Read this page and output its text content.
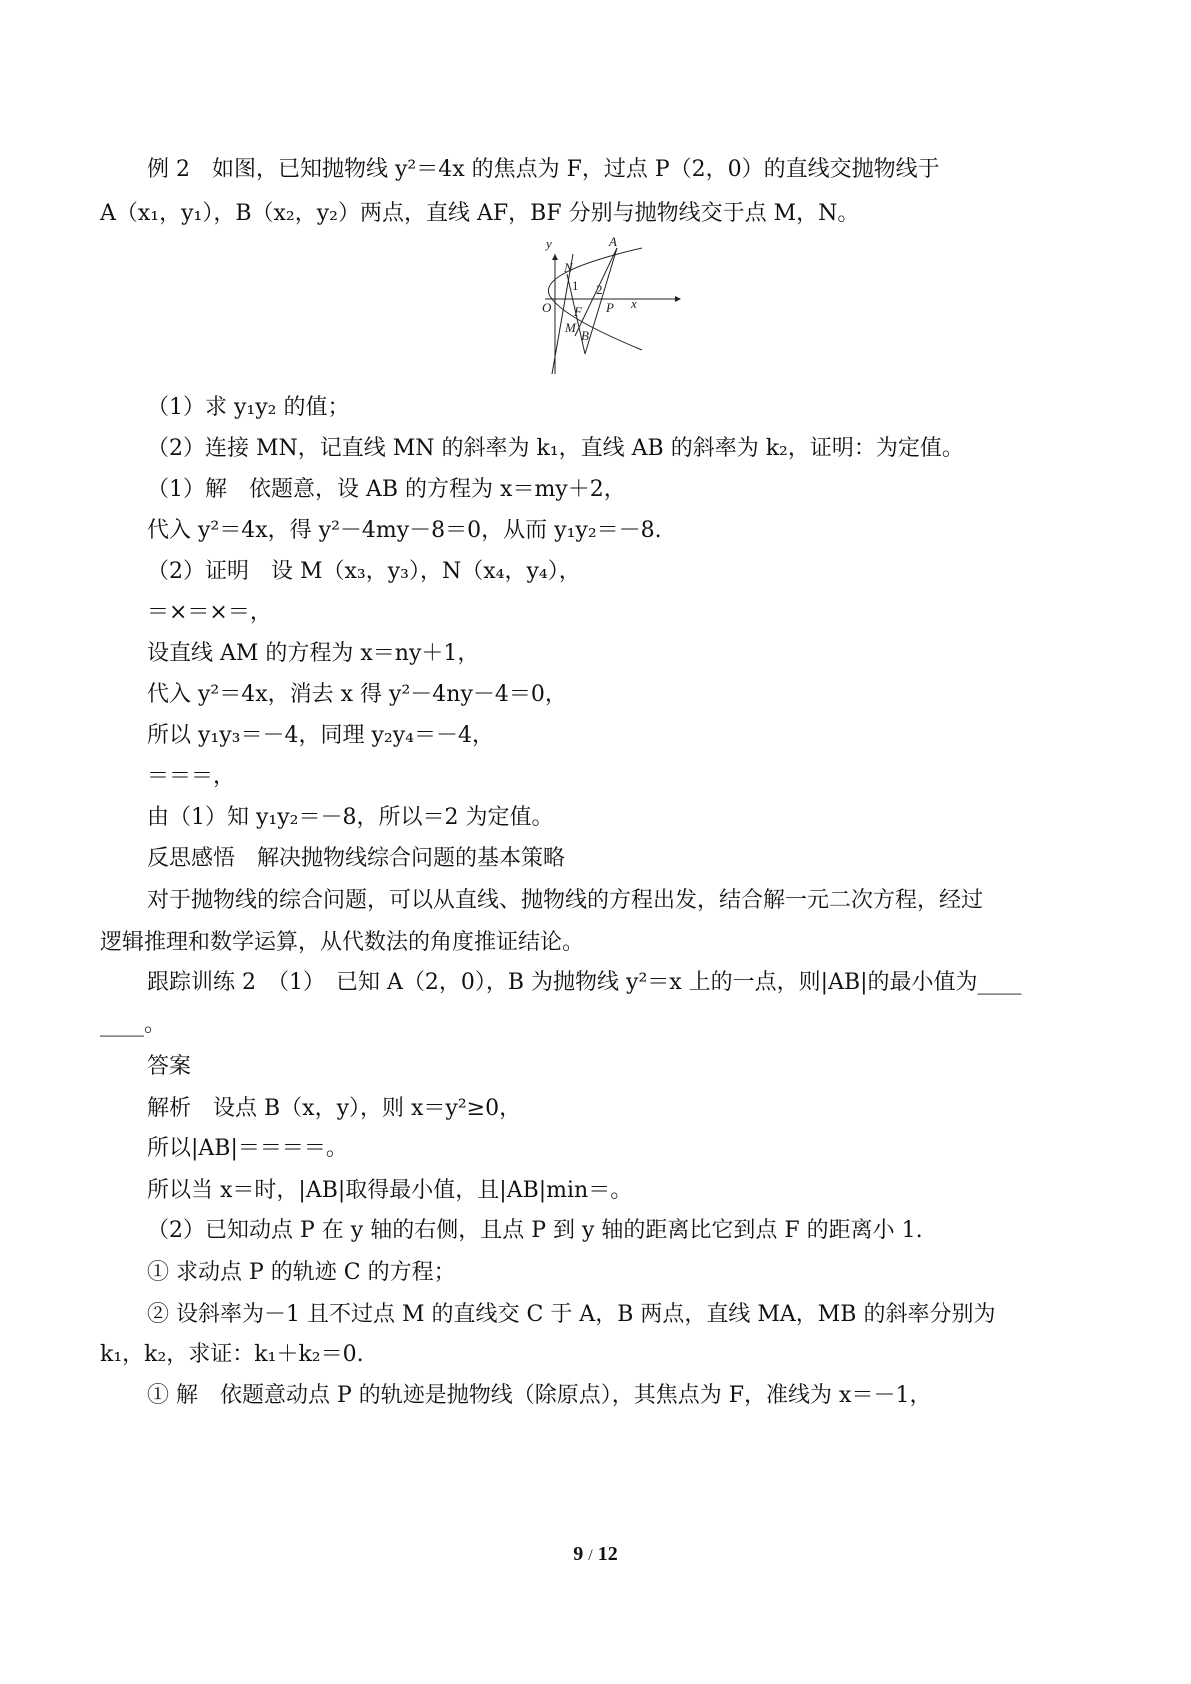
例 2　如图，已知抛物线 y²＝4x 的焦点为 F，过点 P（2，0）的直线交抛物线于
A（x₁，y₁），B（x₂，y₂）两点，直线 AF，BF 分别与抛物线交于点 M，N。
y	A
N
1 2
O F P x
M
B
（1）求 y₁y₂ 的值；
（2）连接 MN，记直线 MN 的斜率为 k₁，直线 AB 的斜率为 k₂，证明：为定值。
（1）解　依题意，设 AB 的方程为 x＝my＋2，
代入 y²＝4x，得 y²－4my－8＝0，从而 y₁y₂＝－8.
（2）证明　设 M（x₃，y₃），N（x₄，y₄），
＝×＝×＝，
设直线 AM 的方程为 x＝ny＋1，
代入 y²＝4x，消去 x 得 y²－4ny－4＝0，
所以 y₁y₃＝－4，同理 y₂y₄＝－4，
＝＝＝，
由（1）知 y₁y₂＝－8，所以＝2 为定值。
反思感悟　解决抛物线综合问题的基本策略
对于抛物线的综合问题，可以从直线、抛物线的方程出发，结合解一元二次方程，经过
逻辑推理和数学运算，从代数法的角度推证结论。
跟踪训练 2　（1）　已知 A（2，0），B 为抛物线 y²＝x 上的一点，则|AB|的最小值为____
____。
答案
解析　设点 B（x，y），则 x＝y²≥0，
所以|AB|＝＝＝＝。
所以当 x＝时，|AB|取得最小值，且|AB|min＝。
（2）已知动点 P 在 y 轴的右侧，且点 P 到 y 轴的距离比它到点 F 的距离小 1.
① 求动点 P 的轨迹 C 的方程；
② 设斜率为－1 且不过点 M 的直线交 C 于 A，B 两点，直线 MA，MB 的斜率分别为
k₁，k₂，求证：k₁＋k₂＝0.
① 解　依题意动点 P 的轨迹是抛物线（除原点），其焦点为 F，准线为 x＝－1，
9 / 12
